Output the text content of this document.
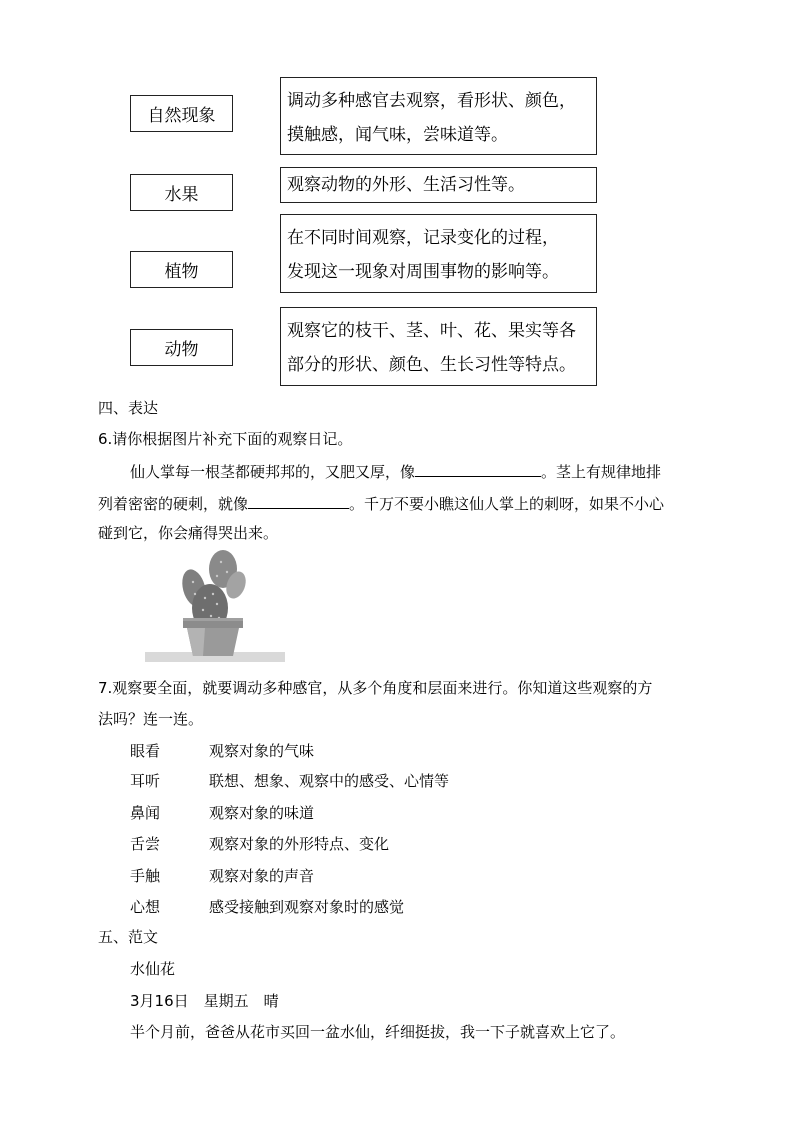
自然现象
水果
植物
动物
调动多种感官去观察，看形状、颜色，
摸触感，闻气味，尝味道等。
观察动物的外形、生活习性等。
在不同时间观察，记录变化的过程，
发现这一现象对周围事物的影响等。
观察它的枝干、茎、叶、花、果实等各
部分的形状、颜色、生长习性等特点。
四、表达
6.请你根据图片补充下面的观察日记。
仙人掌每一根茎都硬邦邦的，又肥又厚，像	。茎上有规律地排
列着密密的硬刺，就像	。千万不要小瞧这仙人掌上的刺呀，如果不小心
碰到它，你会痛得哭出来。
7.观察要全面，就要调动多种感官，从多个角度和层面来进行。你知道这些观察的方
法吗？连一连。
眼看
耳听
鼻闻
舌尝
手触
心想
观察对象的气味
联想、想象、观察中的感受、心情等
观察对象的味道
观察对象的外形特点、变化
观察对象的声音
感受接触到观察对象时的感觉
五、范文
水仙花
3月16日　星期五　晴
半个月前，爸爸从花市买回一盆水仙，纤细挺拔，我一下子就喜欢上它了。
